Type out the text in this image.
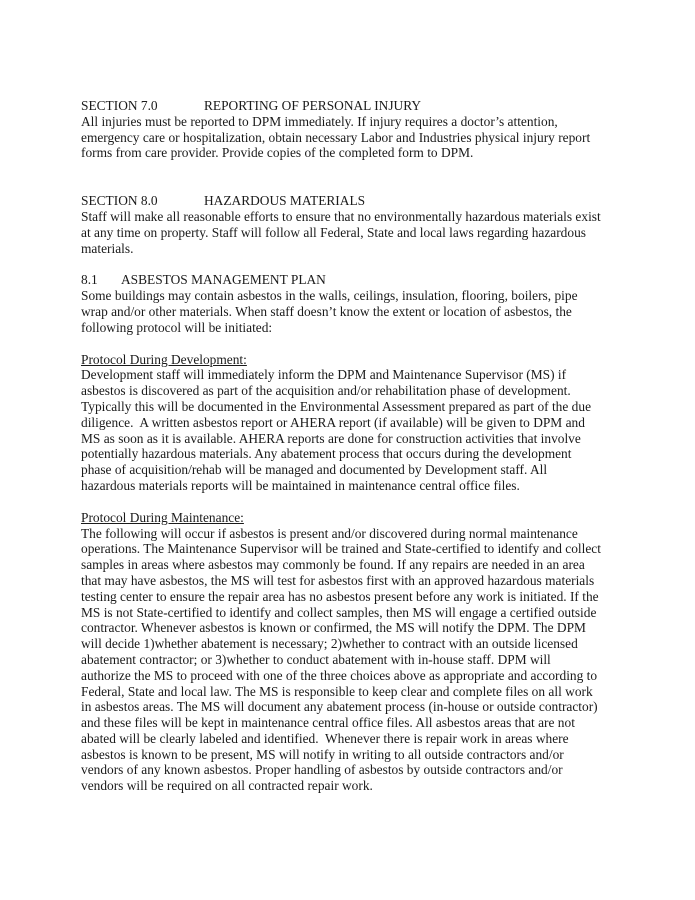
SECTION 7.0	REPORTING OF PERSONAL INJURY
All injuries must be reported to DPM immediately. If injury requires a doctor’s attention,
emergency care or hospitalization, obtain necessary Labor and Industries physical injury report
forms from care provider. Provide copies of the completed form to DPM.
SECTION 8.0	HAZARDOUS MATERIALS
Staff will make all reasonable efforts to ensure that no environmentally hazardous materials exist
at any time on property. Staff will follow all Federal, State and local laws regarding hazardous
materials.
8.1	ASBESTOS MANAGEMENT PLAN
Some buildings may contain asbestos in the walls, ceilings, insulation, flooring, boilers, pipe
wrap and/or other materials. When staff doesn’t know the extent or location of asbestos, the
following protocol will be initiated:
Protocol During Development:
Development staff will immediately inform the DPM and Maintenance Supervisor (MS) if
asbestos is discovered as part of the acquisition and/or rehabilitation phase of development.
Typically this will be documented in the Environmental Assessment prepared as part of the due
diligence.  A written asbestos report or AHERA report (if available) will be given to DPM and
MS as soon as it is available. AHERA reports are done for construction activities that involve
potentially hazardous materials. Any abatement process that occurs during the development
phase of acquisition/rehab will be managed and documented by Development staff. All
hazardous materials reports will be maintained in maintenance central office files.
Protocol During Maintenance:
The following will occur if asbestos is present and/or discovered during normal maintenance
operations. The Maintenance Supervisor will be trained and State-certified to identify and collect
samples in areas where asbestos may commonly be found. If any repairs are needed in an area
that may have asbestos, the MS will test for asbestos first with an approved hazardous materials
testing center to ensure the repair area has no asbestos present before any work is initiated. If the
MS is not State-certified to identify and collect samples, then MS will engage a certified outside
contractor. Whenever asbestos is known or confirmed, the MS will notify the DPM. The DPM
will decide 1)whether abatement is necessary; 2)whether to contract with an outside licensed
abatement contractor; or 3)whether to conduct abatement with in-house staff. DPM will
authorize the MS to proceed with one of the three choices above as appropriate and according to
Federal, State and local law. The MS is responsible to keep clear and complete files on all work
in asbestos areas. The MS will document any abatement process (in-house or outside contractor)
and these files will be kept in maintenance central office files. All asbestos areas that are not
abated will be clearly labeled and identified.  Whenever there is repair work in areas where
asbestos is known to be present, MS will notify in writing to all outside contractors and/or
vendors of any known asbestos. Proper handling of asbestos by outside contractors and/or
vendors will be required on all contracted repair work.
